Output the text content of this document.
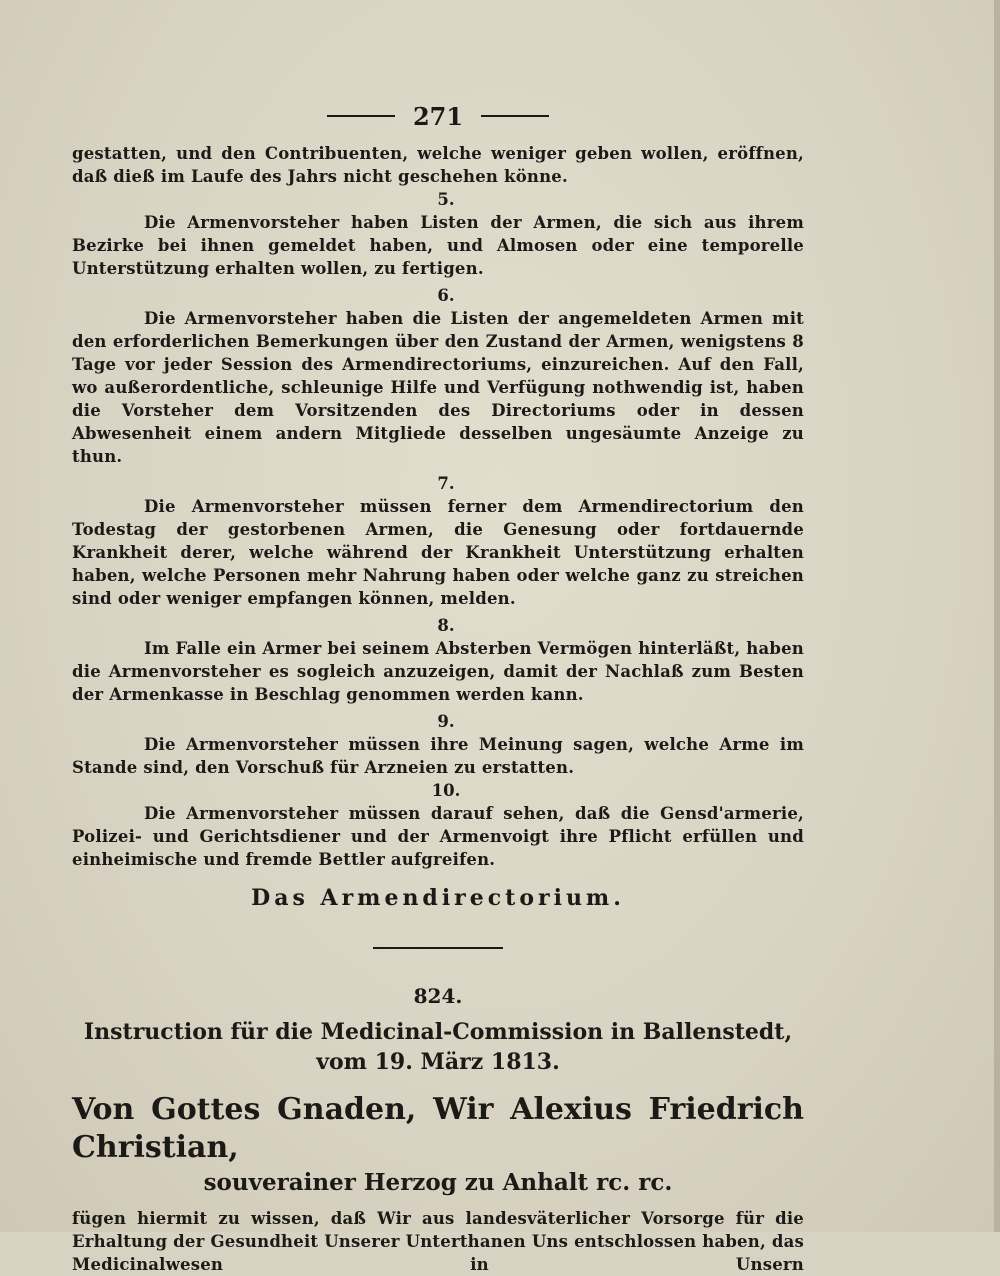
271

gestatten, und den Contribuenten, welche weniger geben wollen, eröffnen, daß dieß im Laufe des Jahrs nicht geschehen könne.

5.

Die Armenvorsteher haben Listen der Armen, die sich aus ihrem Bezirke bei ihnen gemeldet haben, und Almosen oder eine temporelle Unterstützung erhalten wollen, zu fertigen.

6.

Die Armenvorsteher haben die Listen der angemeldeten Armen mit den erforderlichen Bemerkungen über den Zustand der Armen, wenigstens 8 Tage vor jeder Session des Armendirectoriums, einzureichen. Auf den Fall, wo außerordentliche, schleunige Hilfe und Verfügung nothwendig ist, haben die Vorsteher dem Vorsitzenden des Directoriums oder in dessen Abwesenheit einem andern Mitgliede desselben ungesäumte Anzeige zu thun.

7.

Die Armenvorsteher müssen ferner dem Armendirectorium den Todestag der gestorbenen Armen, die Genesung oder fortdauernde Krankheit derer, welche während der Krankheit Unterstützung erhalten haben, welche Personen mehr Nahrung haben oder welche ganz zu streichen sind oder weniger empfangen können, melden.

8.

Im Falle ein Armer bei seinem Absterben Vermögen hinterläßt, haben die Armenvorsteher es sogleich anzuzeigen, damit der Nachlaß zum Besten der Armenkasse in Beschlag genommen werden kann.

9.

Die Armenvorsteher müssen ihre Meinung sagen, welche Arme im Stande sind, den Vorschuß für Arzneien zu erstatten.

10.

Die Armenvorsteher müssen darauf sehen, daß die Gensd'armerie, Polizei- und Gerichtsdiener und der Armenvoigt ihre Pflicht erfüllen und einheimische und fremde Bettler aufgreifen.

Das Armendirectorium.
824.
Instruction für die Medicinal-Commission in Ballenstedt,
vom 19. März 1813.
Von Gottes Gnaden, Wir Alexius Friedrich Christian,
souverainer Herzog zu Anhalt rc. rc.

fügen hiermit zu wissen, daß Wir aus landesväterlicher Vorsorge für die Erhaltung der Gesundheit Unserer Unterthanen Uns entschlossen haben, das Medicinalwesen in Unsern
